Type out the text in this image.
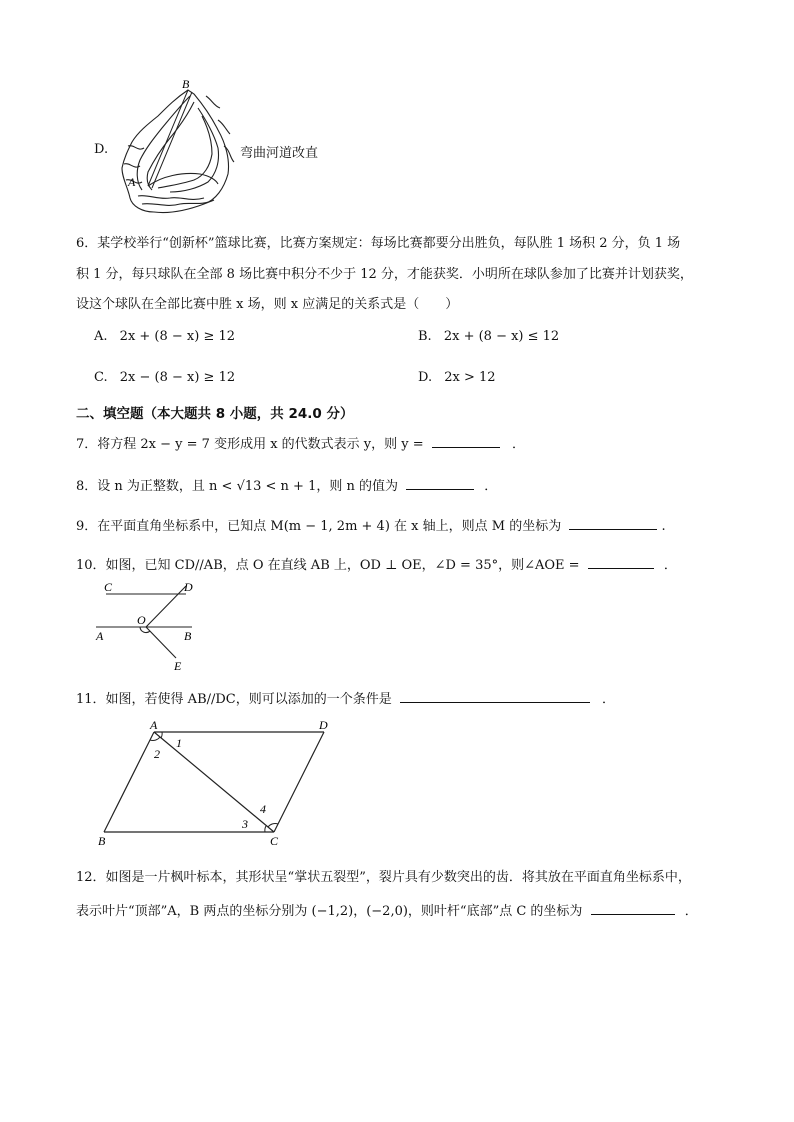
D.
B
A
弯曲河道改直
6．某学校举行“创新杯”篮球比赛，比赛方案规定：每场比赛都要分出胜负，每队胜 1 场积 2 分，负 1 场
积 1 分，每只球队在全部 8 场比赛中积分不少于 12 分，才能获奖．小明所在球队参加了比赛并计划获奖，
设这个球队在全部比赛中胜 x 场，则 x 应满足的关系式是（　　）
A. 2x + (8 − x) ≥ 12	B. 2x + (8 − x) ≤ 12
C. 2x − (8 − x) ≥ 12	D. 2x > 12
二、填空题（本大题共 8 小题，共 24.0 分）
7．将方程 2x − y = 7 变形成用 x 的代数式表示 y，则 y =	．
8．设 n 为正整数，且 n < √13 < n + 1，则 n 的值为	．
9．在平面直角坐标系中，已知点 M(m − 1, 2m + 4) 在 x 轴上，则点 M 的坐标为	.
10．如图，已知 CD//AB，点 O 在直线 AB 上，OD ⊥ OE，∠D = 35°，则∠AOE =	．
C	D
O
A	B
E
11．如图，若使得 AB//DC，则可以添加的一个条件是	．
A	D
1
2
4
3
B	C
12．如图是一片枫叶标本，其形状呈“掌状五裂型”，裂片具有少数突出的齿．将其放在平面直角坐标系中，
表示叶片“顶部”A，B 两点的坐标分别为 (−1,2)，(−2,0)，则叶杆“底部”点 C 的坐标为	．
